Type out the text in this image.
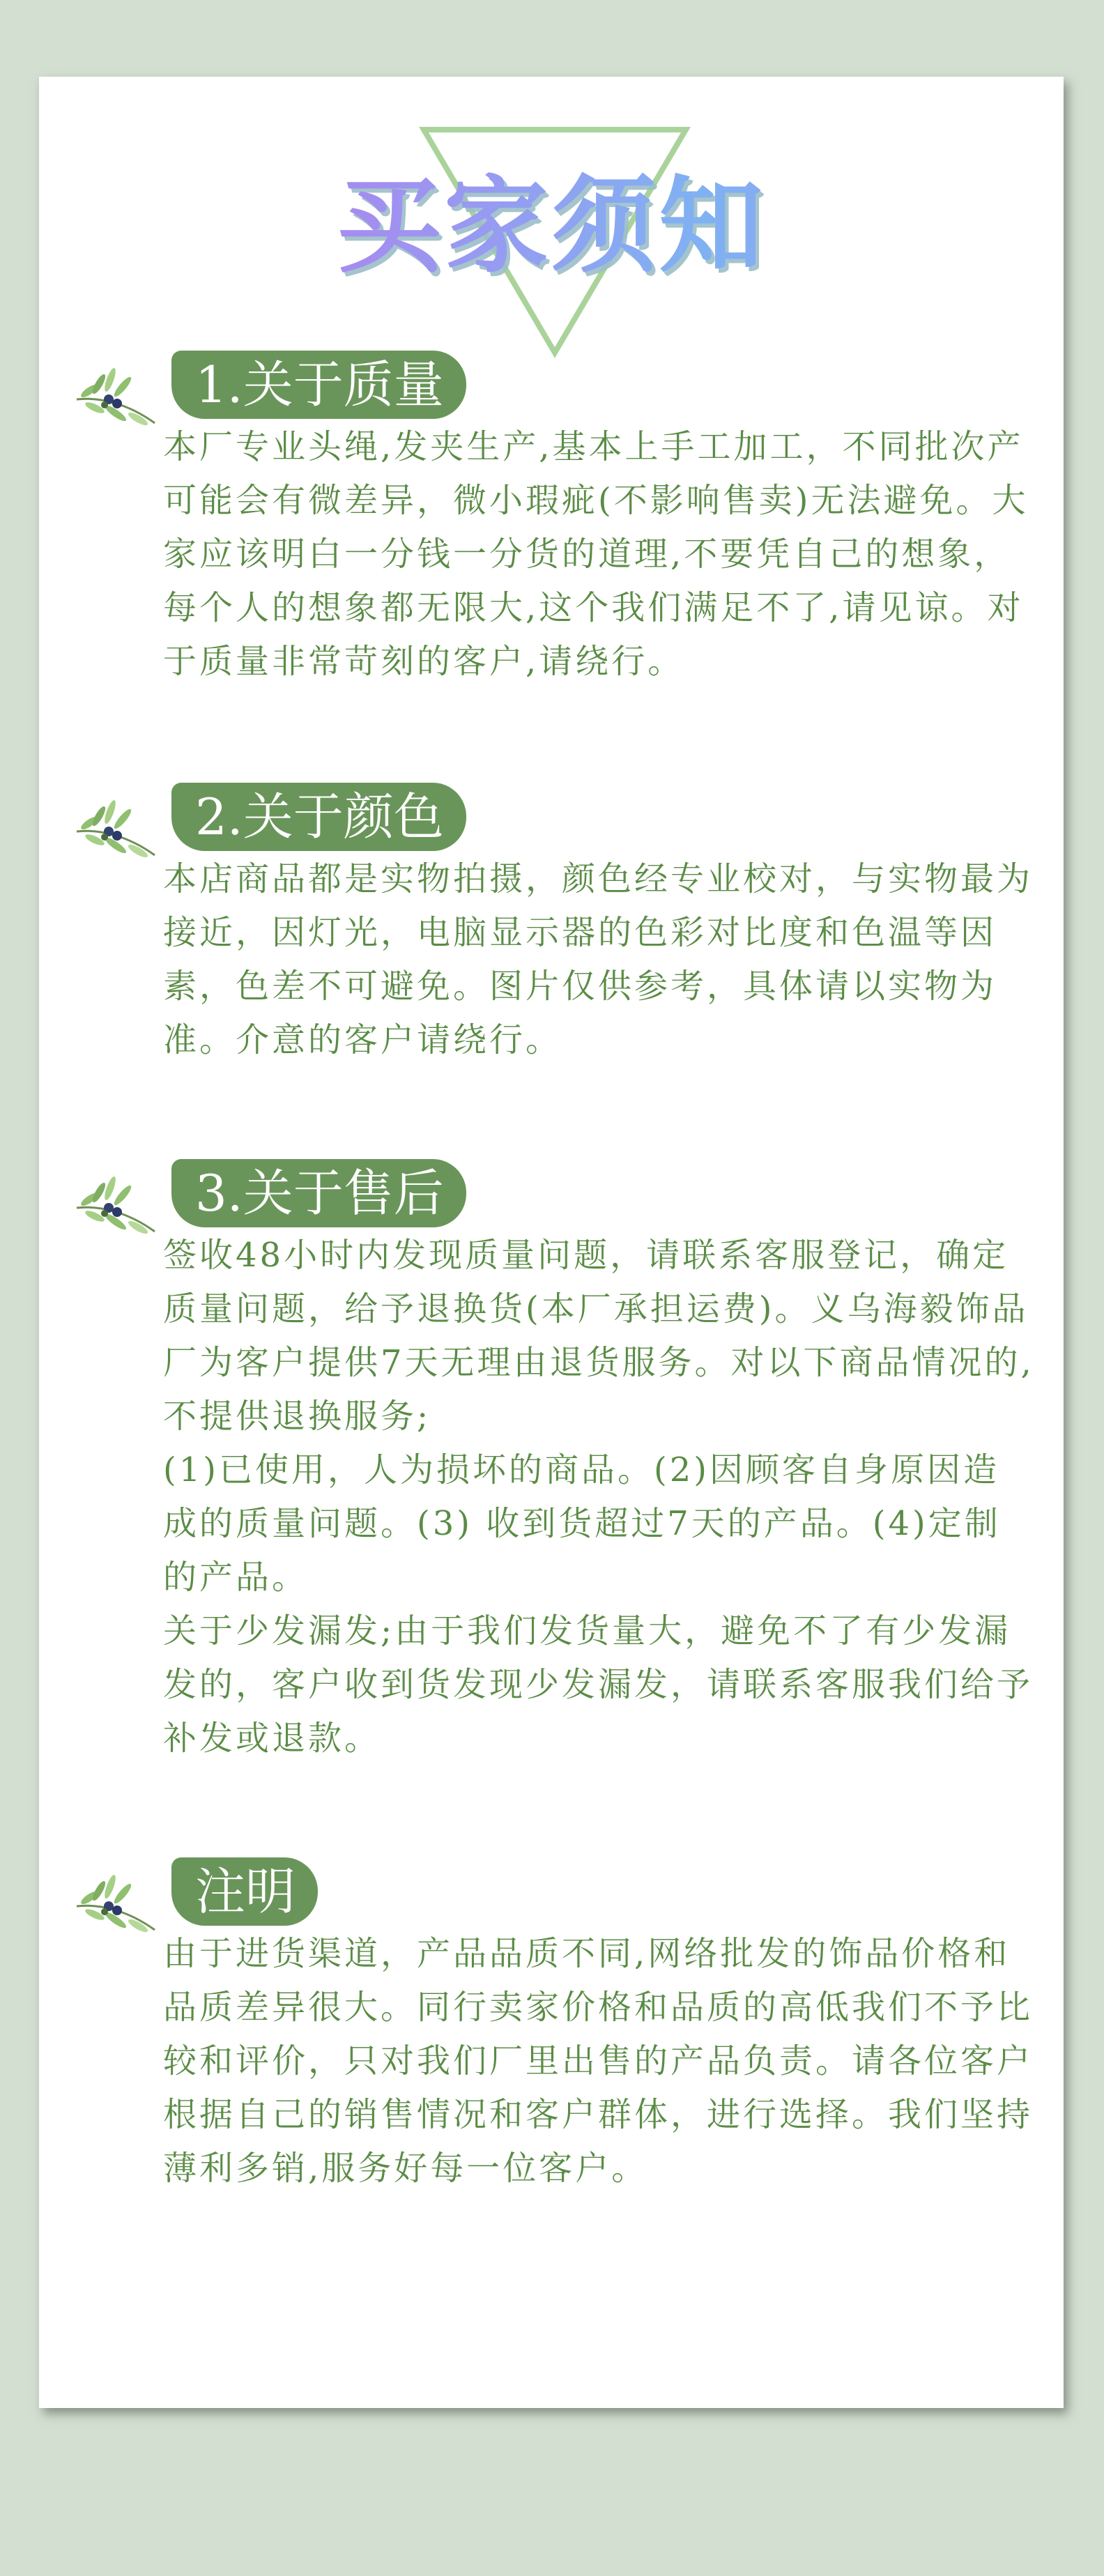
买家须知
1.关于质量

本厂专业头绳,发夹生产,基本上手工加工，不同批次产可能会有微差异，微小瑕疵(不影响售卖)无法避免。大家应该明白一分钱一分货的道理,不要凭自己的想象，每个人的想象都无限大,这个我们满足不了,请见谅。对于质量非常苛刻的客户,请绕行。

2.关于颜色

本店商品都是实物拍摄，颜色经专业校对，与实物最为接近，因灯光，电脑显示器的色彩对比度和色温等因素，色差不可避免。图片仅供参考，具体请以实物为准。介意的客户请绕行。

3.关于售后

签收48小时内发现质量问题，请联系客服登记，确定质量问题，给予退换货(本厂承担运费)。义乌海毅饰品厂为客户提供7天无理由退货服务。对以下商品情况的,不提供退换服务;

(1)已使用，人为损坏的商品。(2)因顾客自身原因造成的质量问题。(3) 收到货超过7天的产品。(4)定制的产品。

关于少发漏发;由于我们发货量大，避免不了有少发漏发的，客户收到货发现少发漏发，请联系客服我们给予补发或退款。

注明

由于进货渠道，产品品质不同,网络批发的饰品价格和品质差异很大。同行卖家价格和品质的高低我们不予比较和评价，只对我们厂里出售的产品负责。请各位客户根据自己的销售情况和客户群体，进行选择。我们坚持薄利多销,服务好每一位客户。
